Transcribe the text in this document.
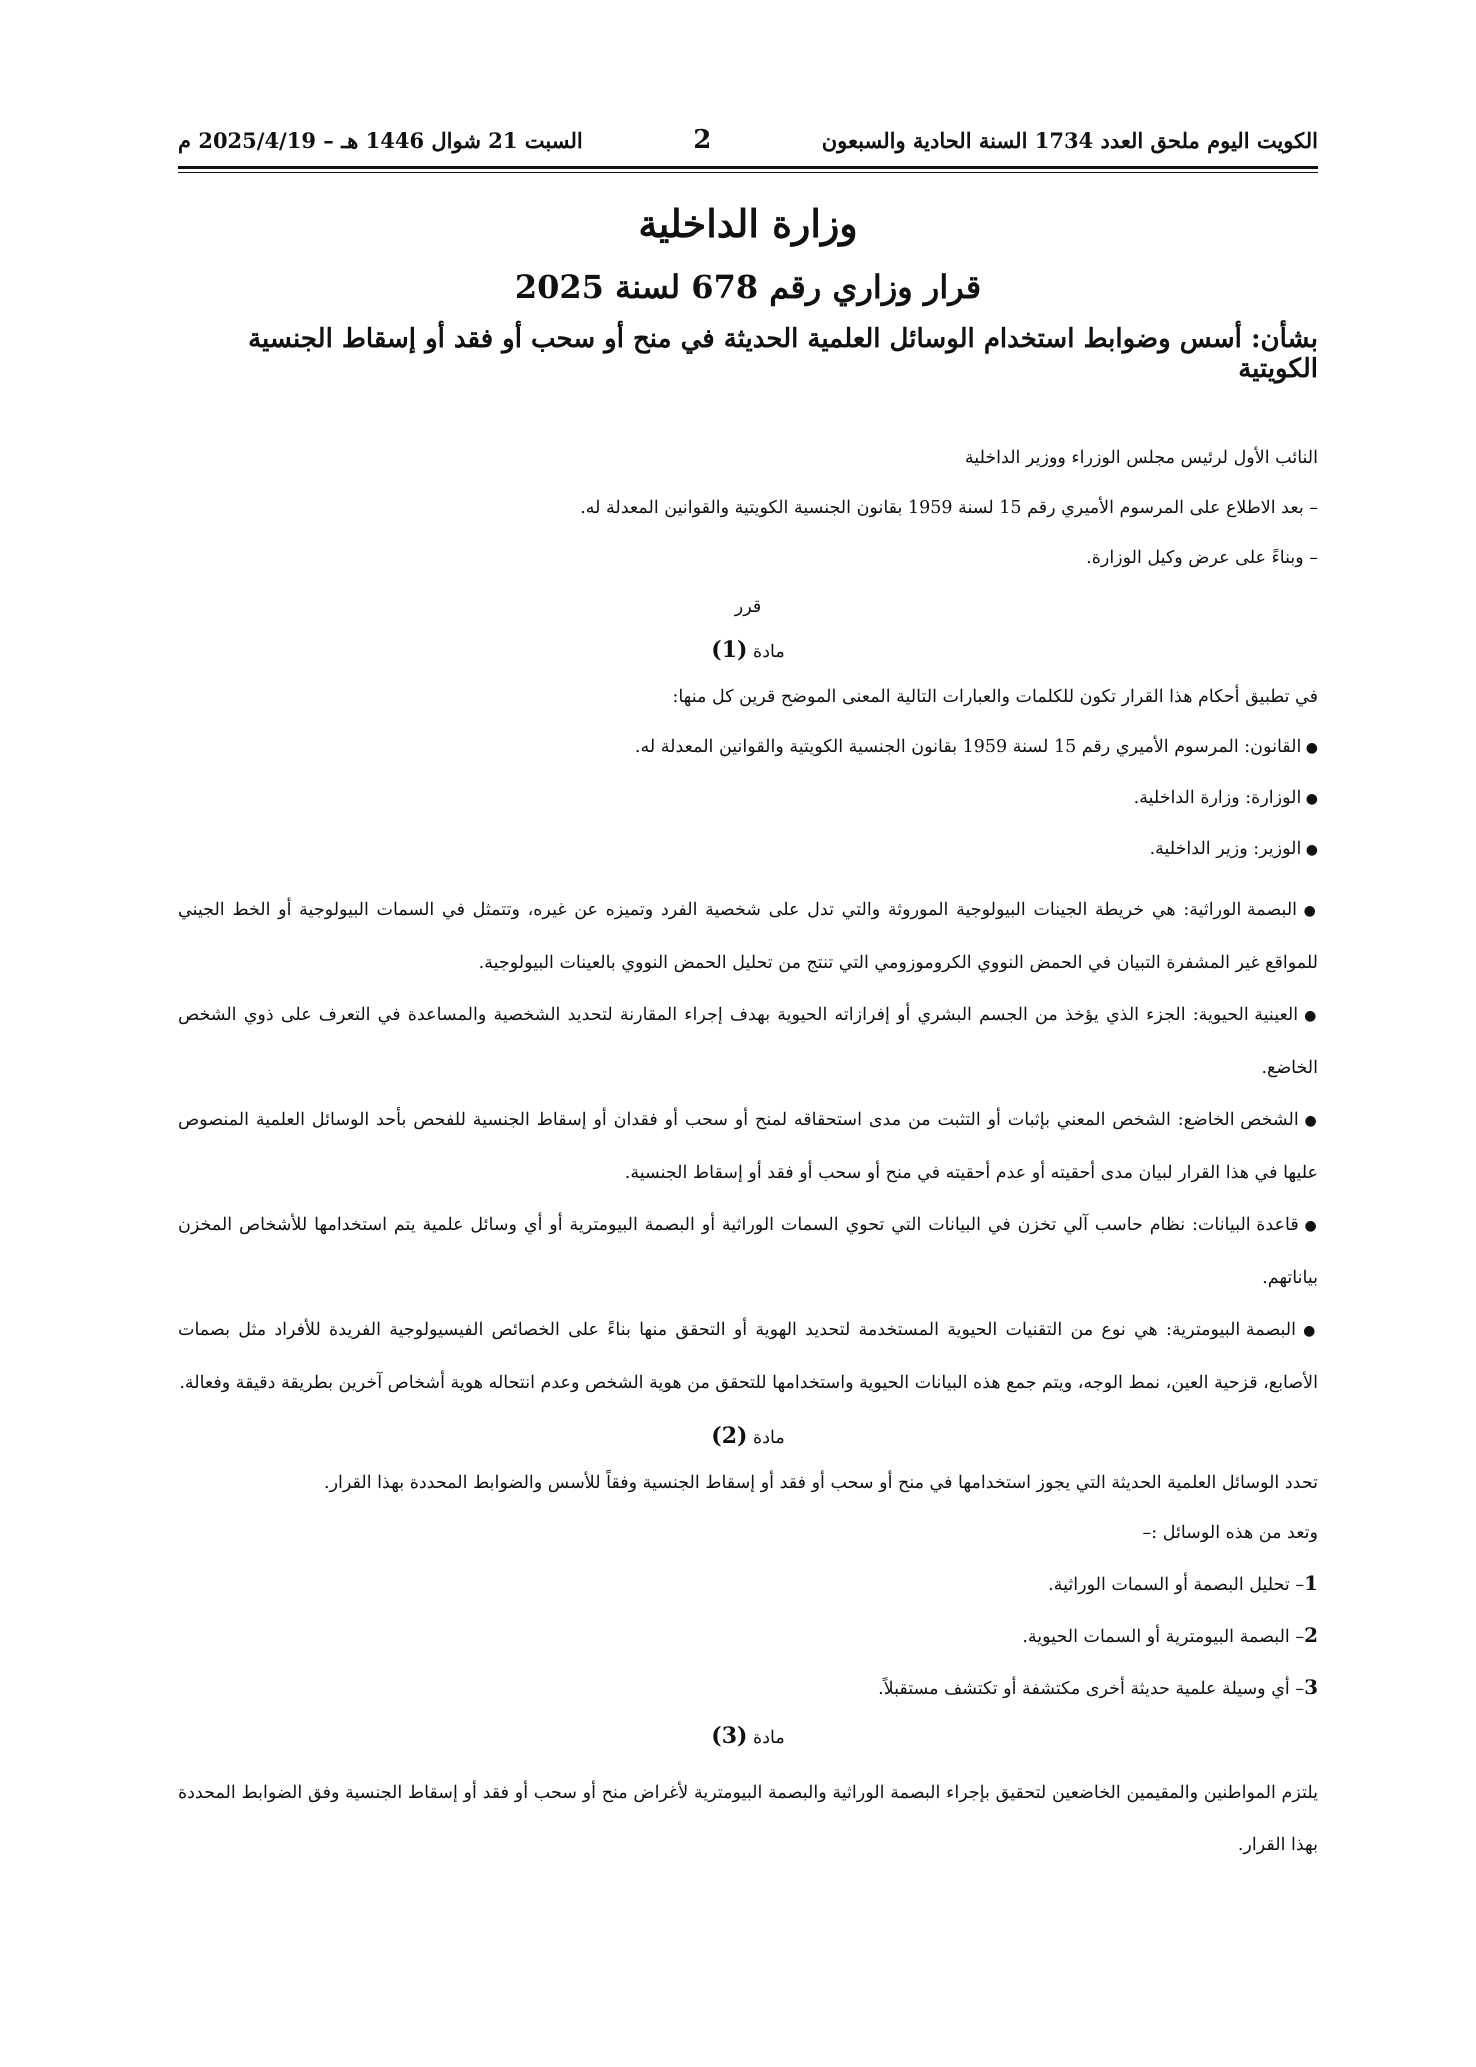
الكويت اليوم ملحق العدد 1734 السنة الحادية والسبعون
2
السبت 21 شوال 1446 هـ – 2025/4/19 م
وزارة الداخلية
قرار وزاري رقم 678 لسنة 2025
بشأن: أسس وضوابط استخدام الوسائل العلمية الحديثة في منح أو سحب أو فقد أو إسقاط الجنسية الكويتية
النائب الأول لرئيس مجلس الوزراء ووزير الداخلية
– بعد الاطلاع على المرسوم الأميري رقم 15 لسنة 1959 بقانون الجنسية الكويتية والقوانين المعدلة له.
– وبناءً على عرض وكيل الوزارة.
قرر
مادة (1)
في تطبيق أحكام هذا القرار تكون للكلمات والعبارات التالية المعنى الموضح قرين كل منها:
● القانون: المرسوم الأميري رقم 15 لسنة 1959 بقانون الجنسية الكويتية والقوانين المعدلة له.
● الوزارة: وزارة الداخلية.
● الوزير: وزير الداخلية.
● البصمة الوراثية: هي خريطة الجينات البيولوجية الموروثة والتي تدل على شخصية الفرد وتميزه عن غيره، وتتمثل في السمات البيولوجية أو الخط الجيني للمواقع غير المشفرة التبيان في الحمض النووي الكروموزومي التي تنتج من تحليل الحمض النووي بالعينات البيولوجية.
● العينية الحيوية: الجزء الذي يؤخذ من الجسم البشري أو إفرازاته الحيوية بهدف إجراء المقارنة لتحديد الشخصية والمساعدة في التعرف على ذوي الشخص الخاضع.
● الشخص الخاضع: الشخص المعني بإثبات أو التثبت من مدى استحقاقه لمنح أو سحب أو فقدان أو إسقاط الجنسية للفحص بأحد الوسائل العلمية المنصوص عليها في هذا القرار لبيان مدى أحقيته أو عدم أحقيته في منح أو سحب أو فقد أو إسقاط الجنسية.
● قاعدة البيانات: نظام حاسب آلي تخزن في البيانات التي تحوي السمات الوراثية أو البصمة البيومترية أو أي وسائل علمية يتم استخدامها للأشخاص المخزن بياناتهم.
● البصمة البيومترية: هي نوع من التقنيات الحيوية المستخدمة لتحديد الهوية أو التحقق منها بناءً على الخصائص الفيسيولوجية الفريدة للأفراد مثل بصمات الأصابع، قزحية العين، نمط الوجه، ويتم جمع هذه البيانات الحيوية واستخدامها للتحقق من هوية الشخص وعدم انتحاله هوية أشخاص آخرين بطريقة دقيقة وفعالة.
مادة (2)
تحدد الوسائل العلمية الحديثة التي يجوز استخدامها في منح أو سحب أو فقد أو إسقاط الجنسية وفقاً للأسس والضوابط المحددة بهذا القرار.
وتعد من هذه الوسائل :–
1– تحليل البصمة أو السمات الوراثية.
2– البصمة البيومترية أو السمات الحيوية.
3– أي وسيلة علمية حديثة أخرى مكتشفة أو تكتشف مستقبلاً.
مادة (3)
يلتزم المواطنين والمقيمين الخاضعين لتحقيق بإجراء البصمة الوراثية والبصمة البيومترية لأغراض منح أو سحب أو فقد أو إسقاط الجنسية وفق الضوابط المحددة بهذا القرار.
